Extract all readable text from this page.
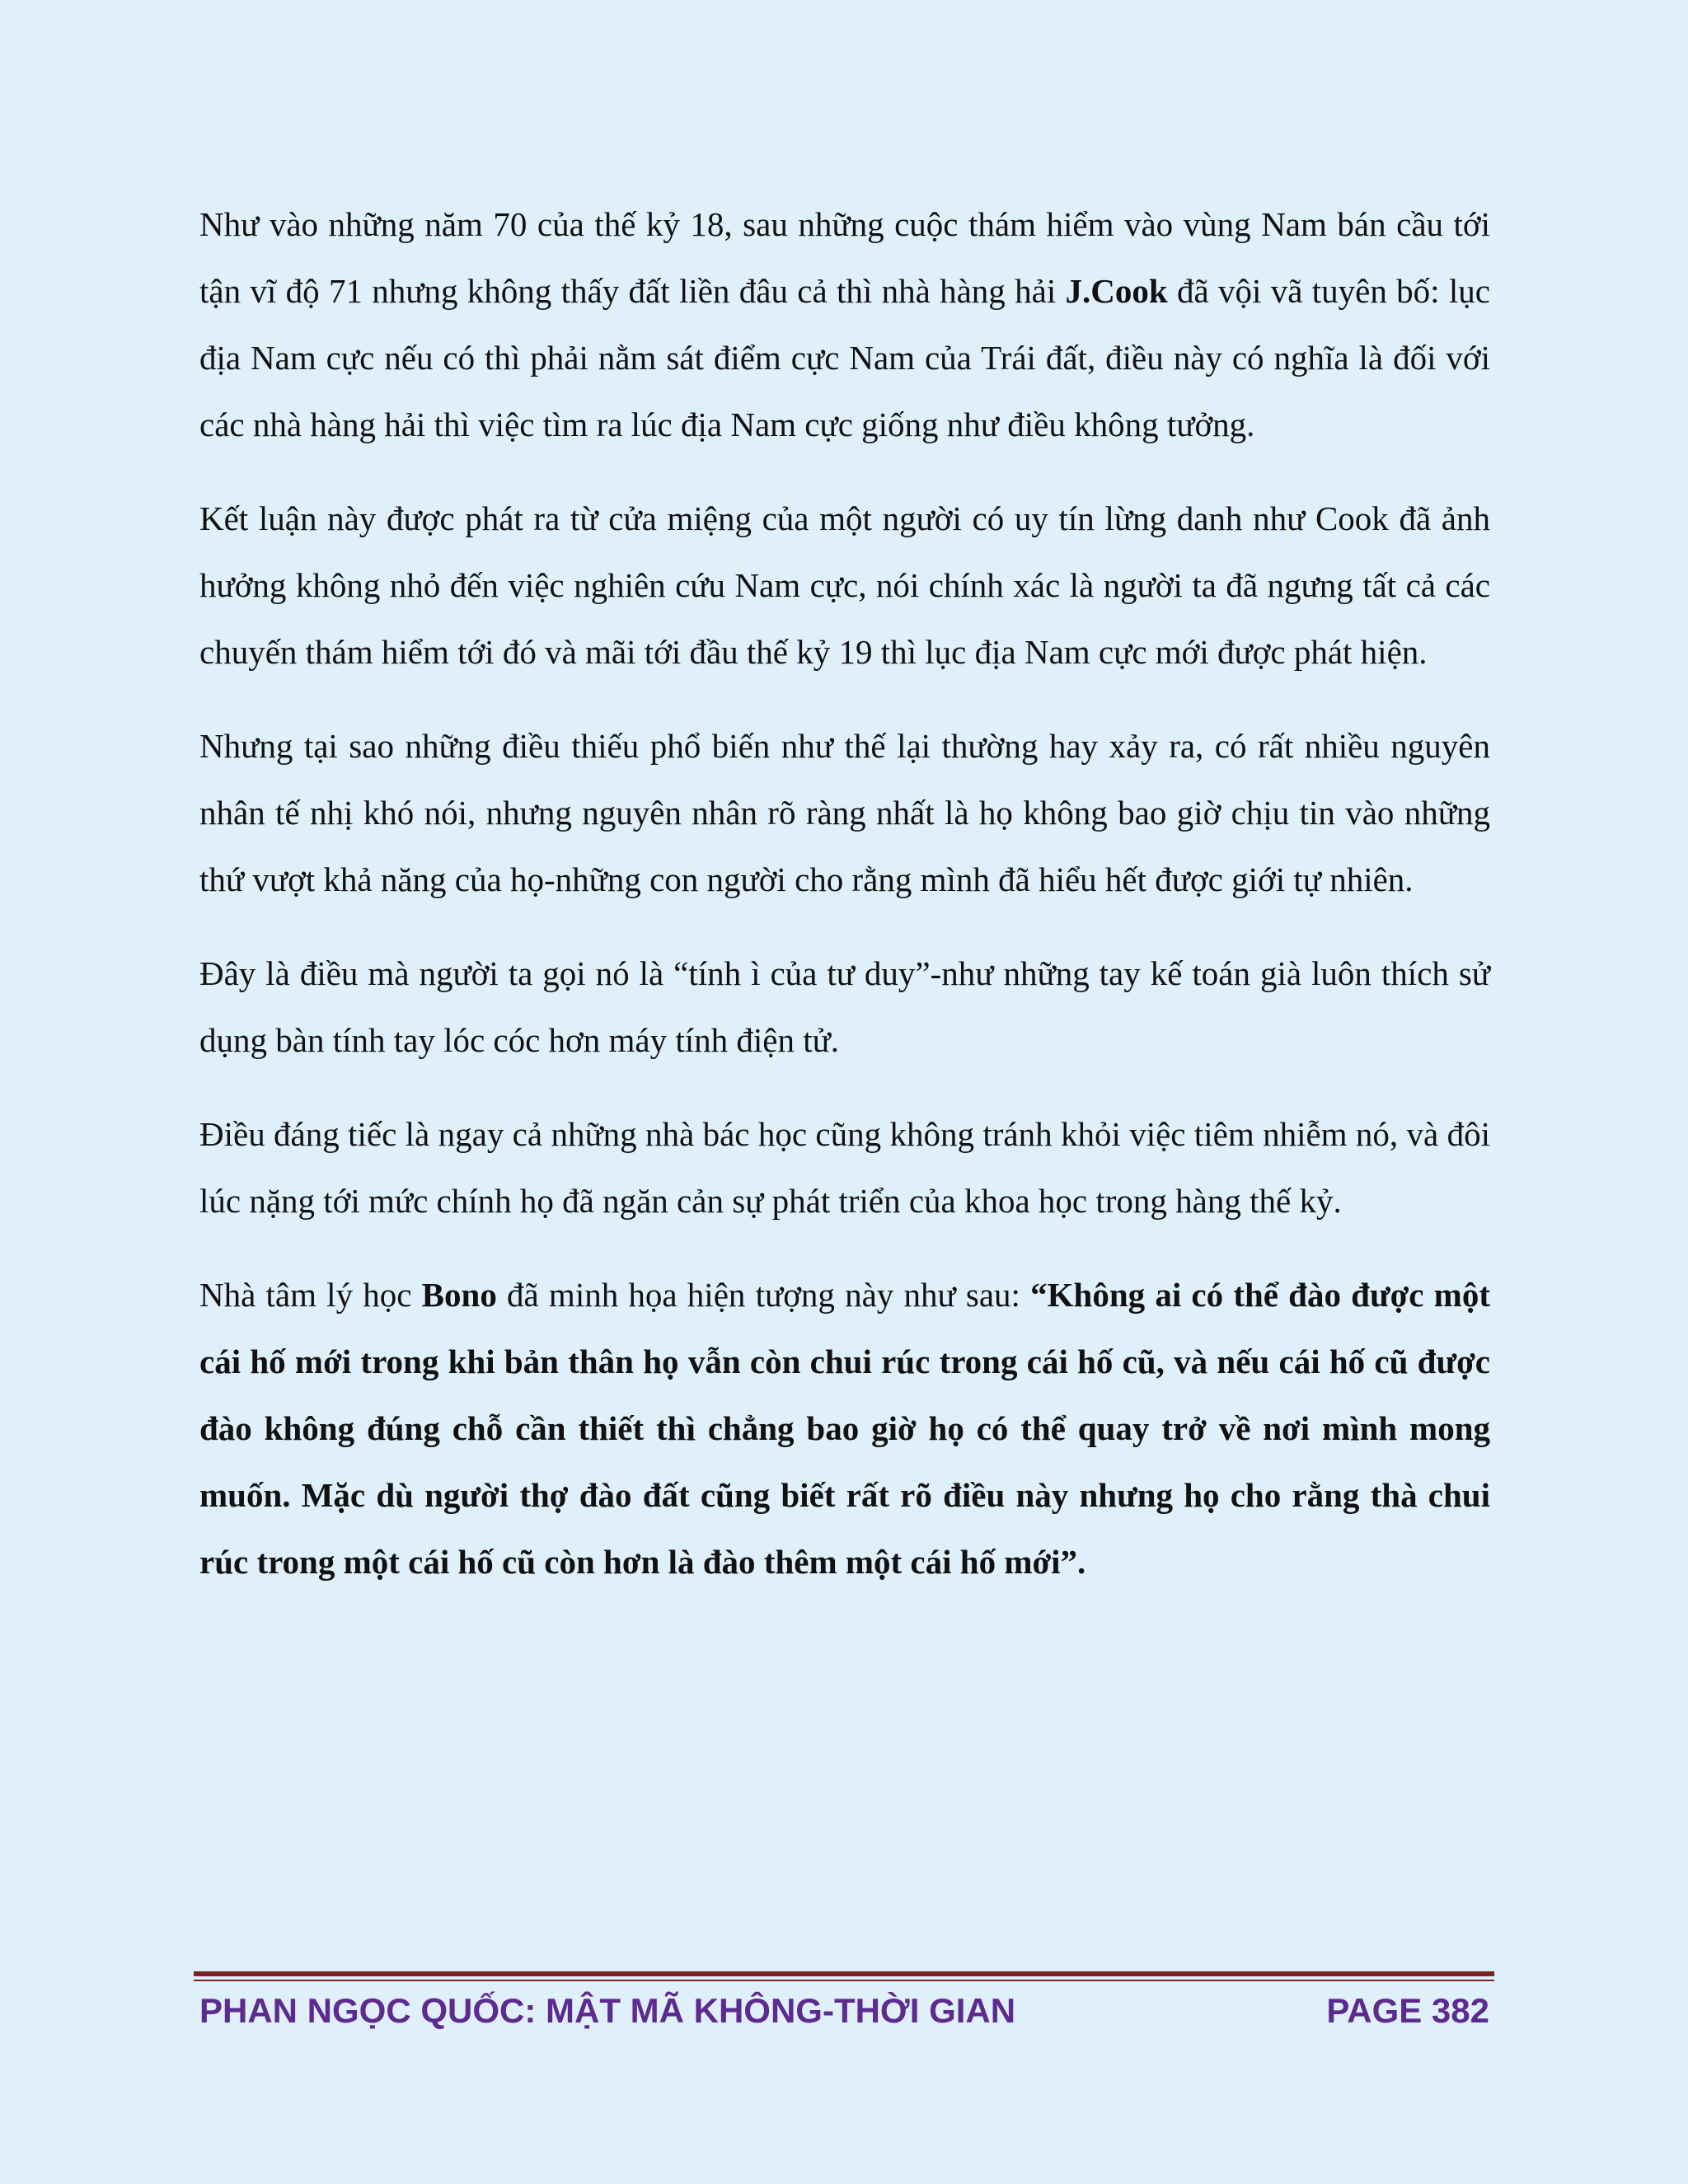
Như vào những năm 70 của thế kỷ 18, sau những cuộc thám hiểm vào vùng Nam bán cầu tới tận vĩ độ 71 nhưng không thấy đất liền đâu cả thì nhà hàng hải J.Cook đã vội vã tuyên bố: lục địa Nam cực nếu có thì phải nằm sát điểm cực Nam của Trái đất, điều này có nghĩa là đối với các nhà hàng hải thì việc tìm ra lúc địa Nam cực giống như điều không tưởng.

Kết luận này được phát ra từ cửa miệng của một người có uy tín lừng danh như Cook đã ảnh hưởng không nhỏ đến việc nghiên cứu Nam cực, nói chính xác là người ta đã ngưng tất cả các chuyến thám hiểm tới đó và mãi tới đầu thế kỷ 19 thì lục địa Nam cực mới được phát hiện.

Nhưng tại sao những điều thiếu phổ biến như thế lại thường hay xảy ra, có rất nhiều nguyên nhân tế nhị khó nói, nhưng nguyên nhân rõ ràng nhất là họ không bao giờ chịu tin vào những thứ vượt khả năng của họ-những con người cho rằng mình đã hiểu hết được giới tự nhiên.

Đây là điều mà người ta gọi nó là “tính ì của tư duy”-như những tay kế toán già luôn thích sử dụng bàn tính tay lóc cóc hơn máy tính điện tử.

Điều đáng tiếc là ngay cả những nhà bác học cũng không tránh khỏi việc tiêm nhiễm nó, và đôi lúc nặng tới mức chính họ đã ngăn cản sự phát triển của khoa học trong hàng thế kỷ.

Nhà tâm lý học Bono đã minh họa hiện tượng này như sau: “Không ai có thể đào được một cái hố mới trong khi bản thân họ vẫn còn chui rúc trong cái hố cũ, và nếu cái hố cũ được đào không đúng chỗ cần thiết thì chẳng bao giờ họ có thể quay trở về nơi mình mong muốn. Mặc dù người thợ đào đất cũng biết rất rõ điều này nhưng họ cho rằng thà chui rúc trong một cái hố cũ còn hơn là đào thêm một cái hố mới”.

PHAN NGỌC QUỐC: MẬT MÃ KHÔNG-THỜI GIAN	PAGE 382
